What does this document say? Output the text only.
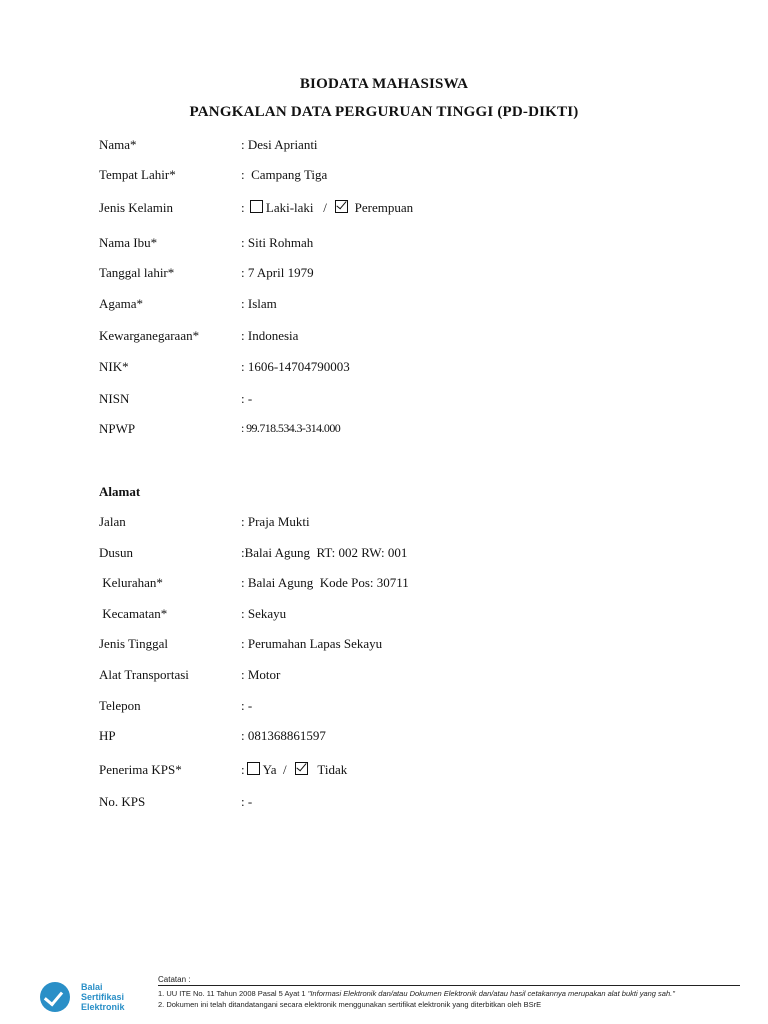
BIODATA MAHASISWA
PANGKALAN DATA PERGURUAN TINGGI (PD-DIKTI)
Nama*	: Desi Aprianti
Tempat Lahir*	:  Campang Tiga
Jenis Kelamin	: Laki-laki / Perempuan
Nama Ibu*	: Siti Rohmah
Tanggal lahir*	: 7 April 1979
Agama*	: Islam
Kewarganegaraan*	: Indonesia
NIK*	: 1606-14704790003
NISN	: -
NPWP	: 99.718.534.3-314.000
Alamat
Jalan	: Praja Mukti
Dusun	:Balai Agung  RT: 002 RW: 001
Kelurahan*	: Balai Agung  Kode Pos: 30711
Kecamatan*	: Sekayu
Jenis Tinggal	: Perumahan Lapas Sekayu
Alat Transportasi	: Motor
Telepon	: -
HP	: 081368861597
Penerima KPS*	: Ya / Tidak
No. KPS	: -
Balai
Sertifikasi
Elektronik
Catatan :
1. UU ITE No. 11 Tahun 2008 Pasal 5 Ayat 1 "Informasi Elektronik dan/atau Dokumen Elektronik dan/atau hasil cetakannya merupakan alat bukti yang sah."
2. Dokumen ini telah ditandatangani secara elektronik menggunakan sertifikat elektronik yang diterbitkan oleh BSrE
